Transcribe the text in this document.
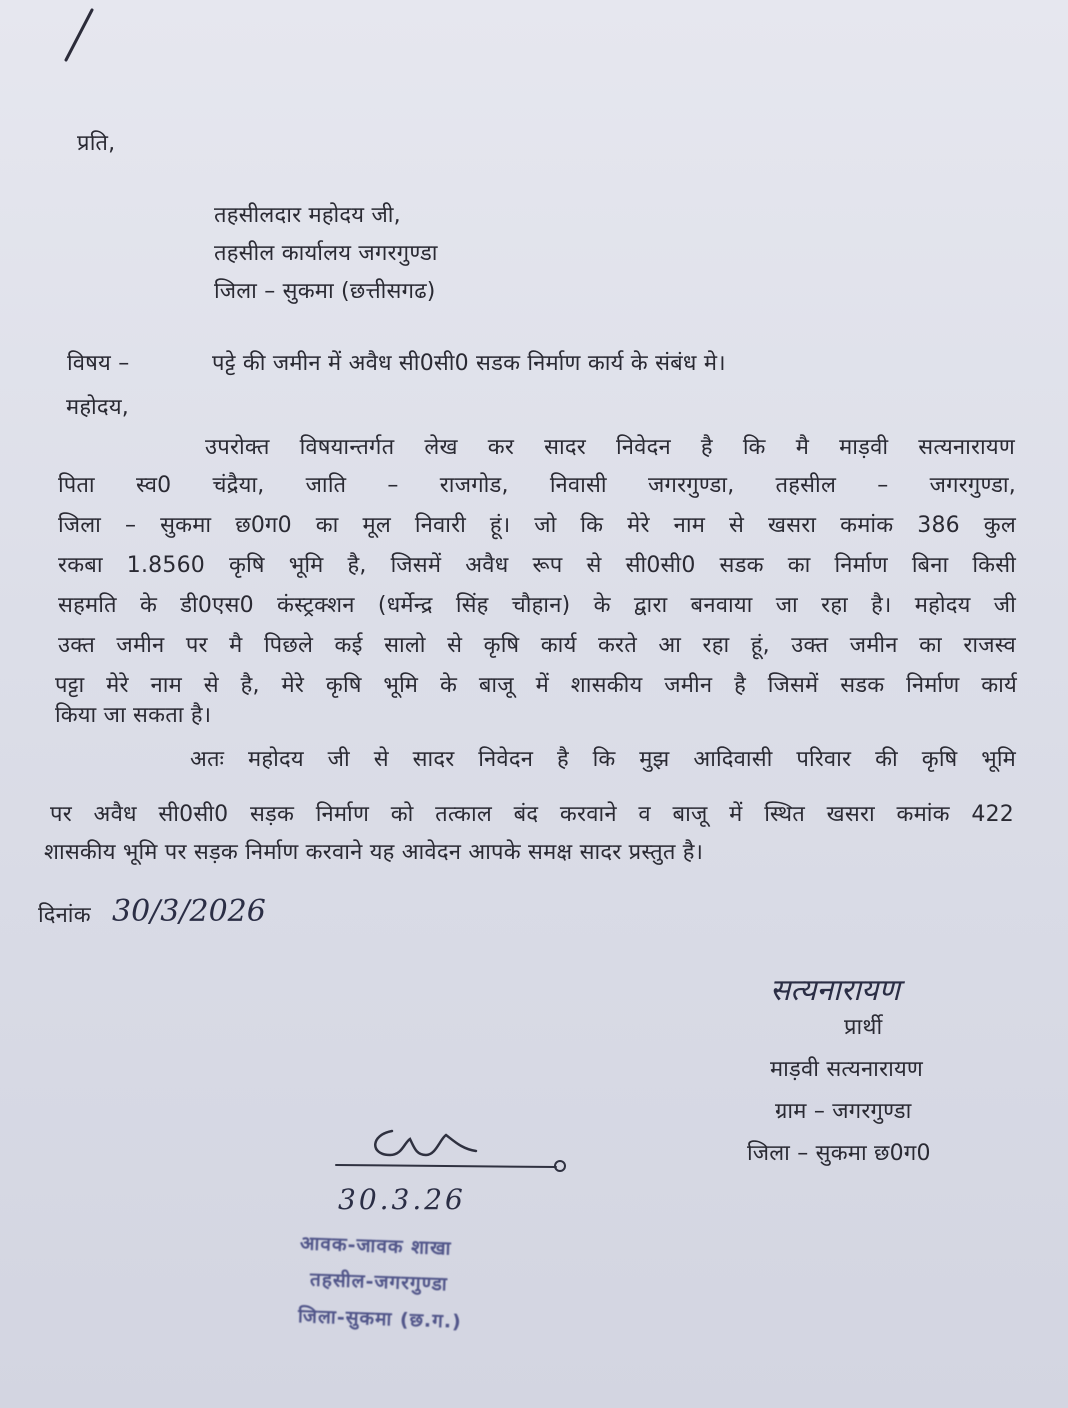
प्रति,
तहसीलदार महोदय जी,
तहसील कार्यालय जगरगुण्डा
जिला – सुकमा (छत्तीसगढ)
विषय –	पट्टे की जमीन में अवैध सी0सी0 सडक निर्माण कार्य के संबंध मे।
महोदय,
उपरोक्त विषयान्तर्गत लेख कर सादर निवेदन है कि मै माड़वी सत्यनारायण
पिता स्व0 चंद्रैया, जाति – राजगोड, निवासी जगरगुण्डा, तहसील – जगरगुण्डा,
जिला – सुकमा छ0ग0 का मूल निवारी हूं। जो कि मेरे नाम से खसरा कमांक 386 कुल
रकबा 1.8560 कृषि भूमि है, जिसमें अवैध रूप से सी0सी0 सडक का निर्माण बिना किसी
सहमति के डी0एस0 कंस्ट्रक्शन (धर्मेन्द्र सिंह चौहान) के द्वारा बनवाया जा रहा है। महोदय जी
उक्त जमीन पर मै पिछले कई सालो से कृषि कार्य करते आ रहा हूं, उक्त जमीन का राजस्व
पट्टा मेरे नाम से है, मेरे कृषि भूमि के बाजू में शासकीय जमीन है जिसमें सडक निर्माण कार्य
किया जा सकता है।
अतः महोदय जी से सादर निवेदन है कि मुझ आदिवासी परिवार की कृषि भूमि
पर अवैध सी0सी0 सड़क निर्माण को तत्काल बंद करवाने व बाजू में स्थित खसरा कमांक 422
शासकीय भूमि पर सड़क निर्माण करवाने यह आवेदन आपके समक्ष सादर प्रस्तुत है।
दिनांक 30/3/2026
सत्यनारायण
प्रार्थी
माड़वी सत्यनारायण
ग्राम – जगरगुण्डा
जिला – सुकमा छ0ग0
30.3.26
आवक-जावक शाखा
तहसील-जगरगुण्डा
जिला-सुकमा (छ.ग.)
